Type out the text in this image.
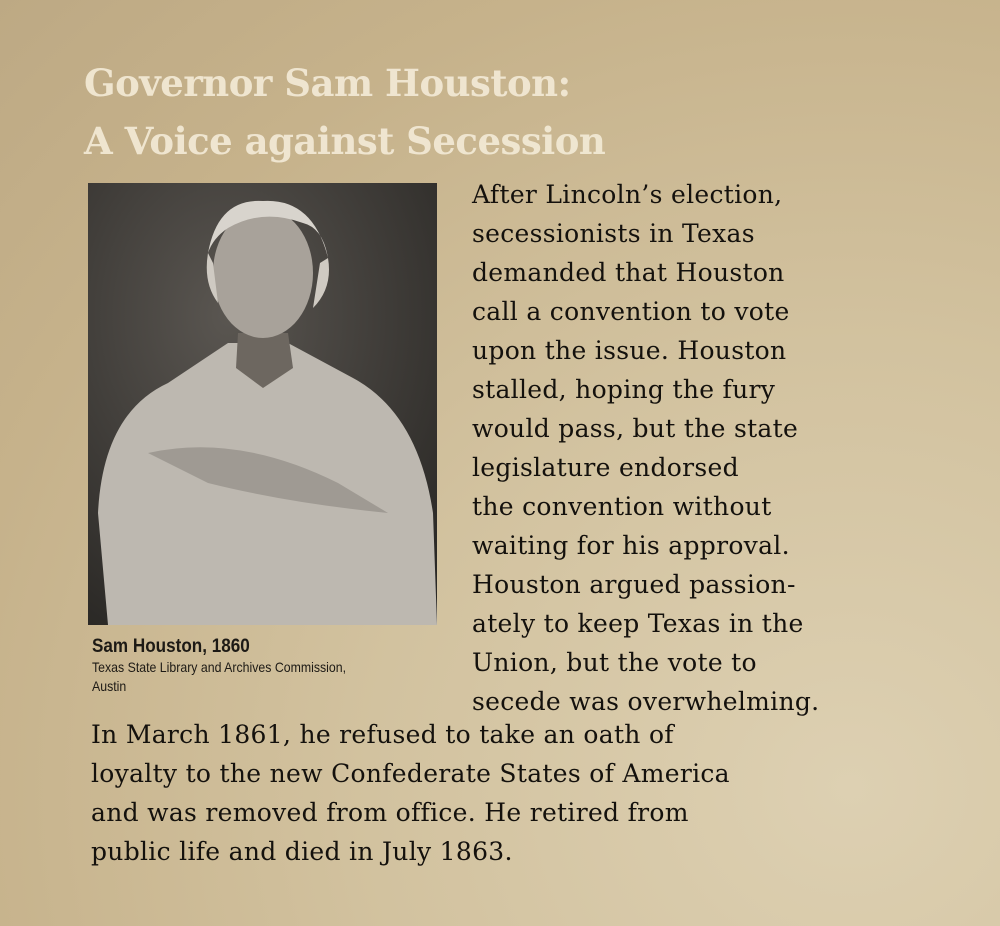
Governor Sam Houston:
A Voice against Secession
Sam Houston, 1860
Texas State Library and Archives Commission,
Austin
After Lincoln’s election,
secessionists in Texas
demanded that Houston
call a convention to vote
upon the issue. Houston
stalled, hoping the fury
would pass, but the state
legislature endorsed
the convention without
waiting for his approval.
Houston argued passion-
ately to keep Texas in the
Union, but the vote to
secede was overwhelming.
In March 1861, he refused to take an oath of
loyalty to the new Confederate States of America
and was removed from office. He retired from
public life and died in July 1863.
